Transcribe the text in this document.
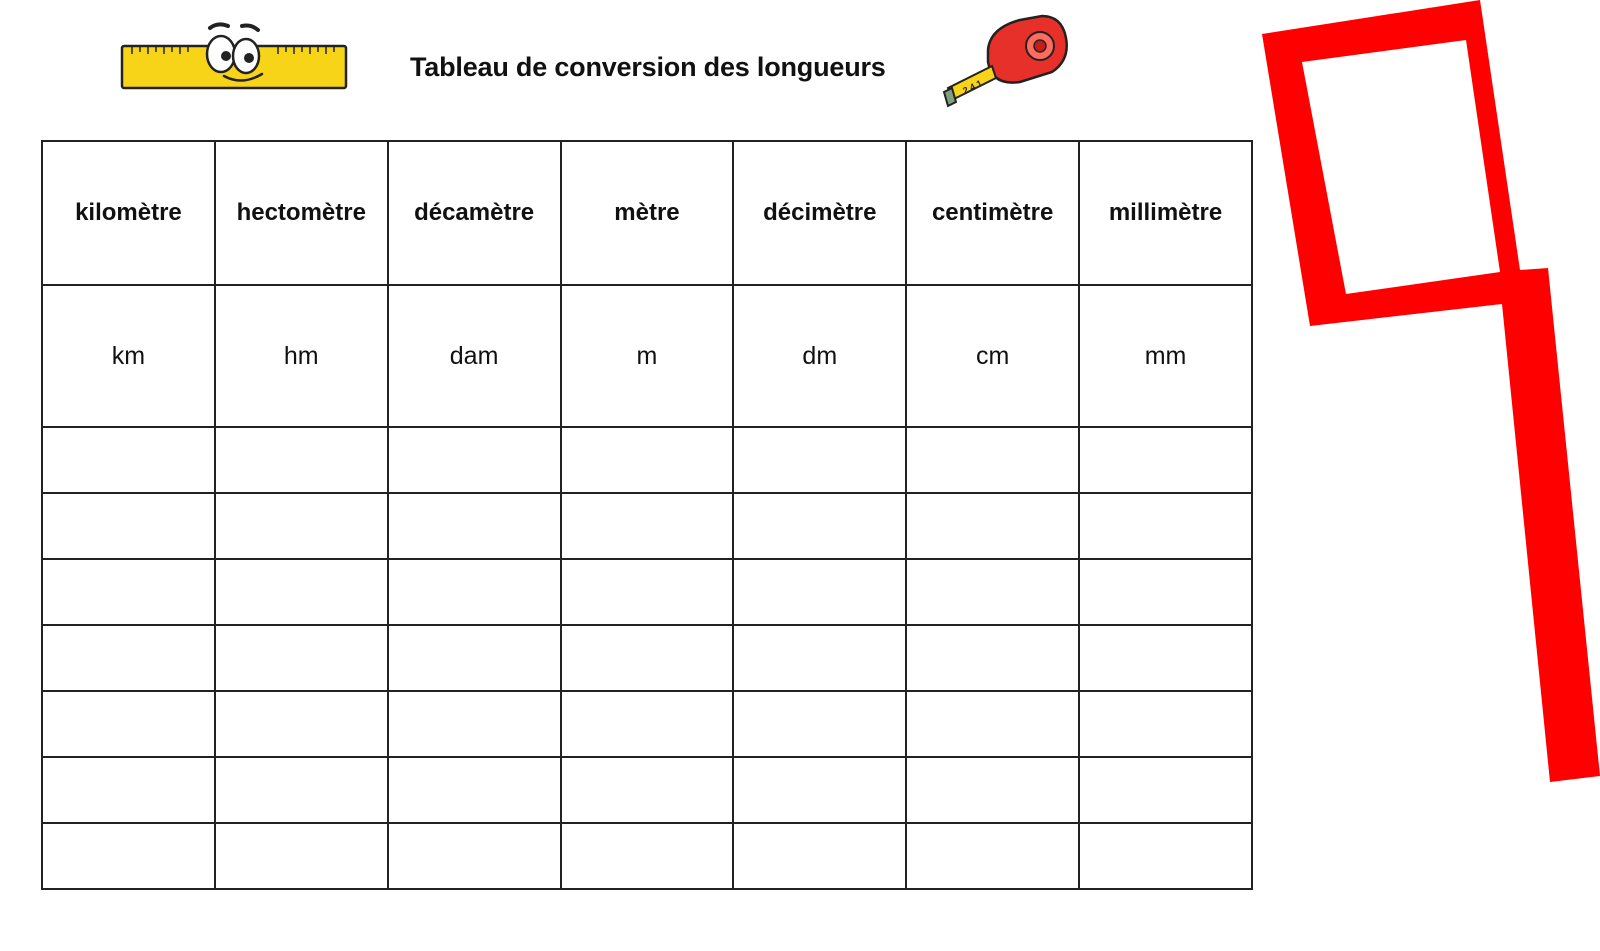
Tableau de conversion des longueurs
2 4 1
kilomètre	hectomètre	décamètre	mètre	décimètre	centimètre	millimètre
km	hm	dam	m	dm	cm	mm
